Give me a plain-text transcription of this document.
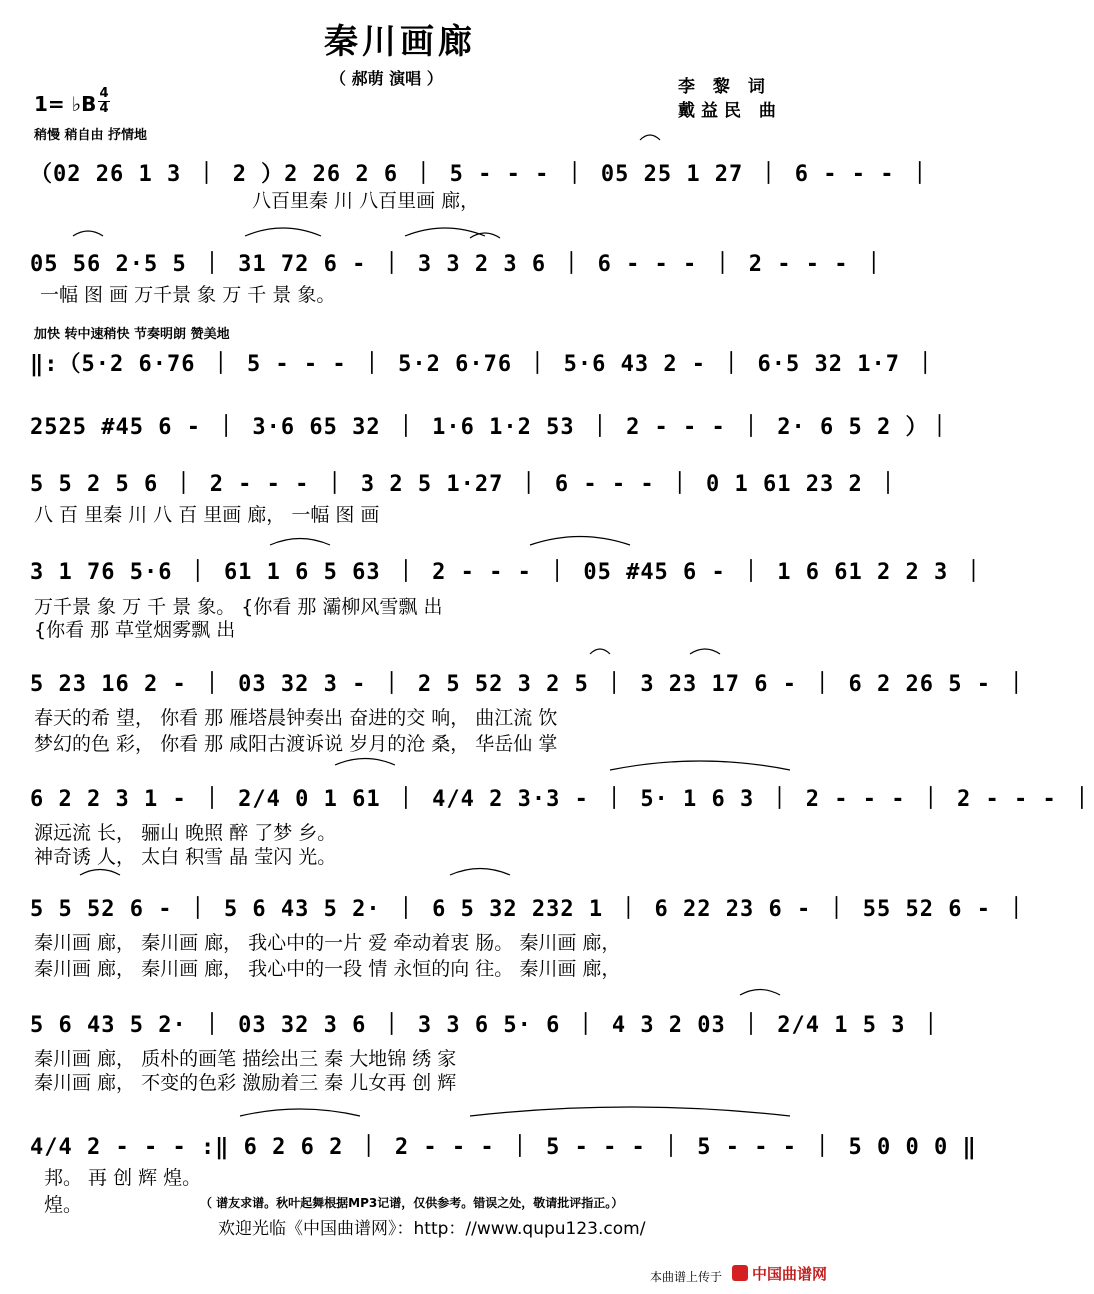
秦川画廊
（ 郝萌 演唱 ）	李 黎 词
戴益民 曲
1= ♭B 4
4
稍慢 稍自由 抒情地
加快 转中速稍快 节奏明朗 赞美地
（02 26 1 3 ｜ 2 ）2 26 2 6 ｜ 5 - - - ｜ 05 25 1 27 ｜ 6 - - - ｜
八百里秦 川 八百里画 廊，
05 56 2·5 5 ｜ 31 72 6 - ｜ 3 3 2 3 6 ｜ 6 - - - ｜ 2 - - - ｜
一幅 图 画 万千景 象 万 千 景 象。
‖:（5·2 6·76 ｜ 5 - - - ｜ 5·2 6·76 ｜ 5·6 43 2 - ｜ 6·5 32 1·7 ｜
2525 #45 6 - ｜ 3·6 65 32 ｜ 1·6 1·2 53 ｜ 2 - - - ｜ 2· 6 5 2 ）｜
5 5 2 5 6 ｜ 2 - - - ｜ 3 2 5 1·27 ｜ 6 - - - ｜ 0 1 61 23 2 ｜
八 百 里秦 川 八 百 里画 廊， 一幅 图 画
3 1 76 5·6 ｜ 61 1 6 5 63 ｜ 2 - - - ｜ 05 #45 6 - ｜ 1 6 61 2 2 3 ｜
万千景 象 万 千 景 象。 {你看 那 灞柳风雪飘 出
{你看 那 草堂烟雾飘 出
5 23 16 2 - ｜ 03 32 3 - ｜ 2 5 52 3 2 5 ｜ 3 23 17 6 - ｜ 6 2 26 5 - ｜
春天的希 望， 你看 那 雁塔晨钟奏出 奋进的交 响， 曲江流 饮
梦幻的色 彩， 你看 那 咸阳古渡诉说 岁月的沧 桑， 华岳仙 掌
6 2 2 3 1 - ｜ 2/4 0 1 61 ｜ 4/4 2 3·3 - ｜ 5· 1 6 3 ｜ 2 - - - ｜ 2 - - - ｜
源远流 长， 骊山 晚照 醉 了梦 乡。
神奇诱 人， 太白 积雪 晶 莹闪 光。
5 5 52 6 - ｜ 5 6 43 5 2· ｜ 6 5 32 232 1 ｜ 6 22 23 6 - ｜ 55 52 6 - ｜
秦川画 廊， 秦川画 廊， 我心中的一片 爱 牵动着衷 肠。 秦川画 廊，
秦川画 廊， 秦川画 廊， 我心中的一段 情 永恒的向 往。 秦川画 廊，
5 6 43 5 2· ｜ 03 32 3 6 ｜ 3 3 6 5· 6 ｜ 4 3 2 03 ｜ 2/4 1 5 3 ｜
秦川画 廊， 质朴的画笔 描绘出三 秦 大地锦 绣 家
秦川画 廊， 不变的色彩 激励着三 秦 儿女再 创 辉
4/4 2 - - - :‖ 6 2 6 2 ｜ 2 - - - ｜ 5 - - - ｜ 5 - - - ｜ 5 0 0 0 ‖
邦。 再 创 辉 煌。
煌。	（ 谱友求谱。秋叶起舞根据MP3记谱，仅供参考。错误之处，敬请批评指正。）
欢迎光临《中国曲谱网》：http：//www.qupu123.com/
本曲谱上传于 中国曲谱网
